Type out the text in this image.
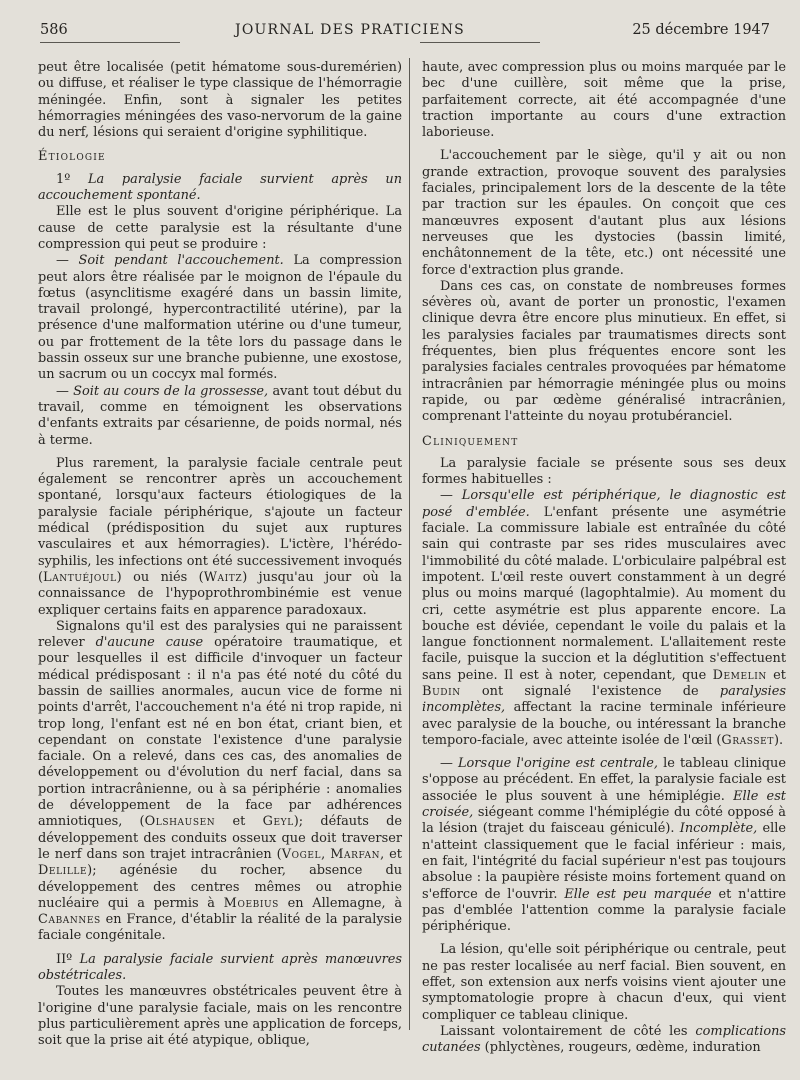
586	JOURNAL DES PRATICIENS	25 décembre 1947

peut être localisée (petit hématome sous-duremérien) ou diffuse, et réaliser le type classique de l'hémorragie méningée. Enfin, sont à signaler les petites hémorragies méningées des vaso-nervorum de la gaine du nerf, lésions qui seraient d'origine syphilitique.

Étiologie

1º La paralysie faciale survient après un accouchement spontané.

Elle est le plus souvent d'origine périphérique. La cause de cette paralysie est la résultante d'une compression qui peut se produire :

— Soit pendant l'accouchement. La compression peut alors être réalisée par le moignon de l'épaule du fœtus (asynclitisme exagéré dans un bassin limite, travail prolongé, hypercontractilité utérine), par la présence d'une malformation utérine ou d'une tumeur, ou par frottement de la tête lors du passage dans le bassin osseux sur une branche pubienne, une exostose, un sacrum ou un coccyx mal formés.

— Soit au cours de la grossesse, avant tout début du travail, comme en témoignent les observations d'enfants extraits par césarienne, de poids normal, nés à terme.

Plus rarement, la paralysie faciale centrale peut également se rencontrer après un accouchement spontané, lorsqu'aux facteurs étiologiques de la paralysie faciale périphérique, s'ajoute un facteur médical (prédisposition du sujet aux ruptures vasculaires et aux hémorragies). L'ictère, l'hérédo-syphilis, les infections ont été successivement invoqués (Lantuéjoul) ou niés (Waitz) jusqu'au jour où la connaissance de l'hypoprothrombinémie est venue expliquer certains faits en apparence paradoxaux.

Signalons qu'il est des paralysies qui ne paraissent relever d'aucune cause opératoire traumatique, et pour lesquelles il est difficile d'invoquer un facteur médical prédisposant : il n'a pas été noté du côté du bassin de saillies anormales, aucun vice de forme ni points d'arrêt, l'accouchement n'a été ni trop rapide, ni trop long, l'enfant est né en bon état, criant bien, et cependant on constate l'existence d'une paralysie faciale. On a relevé, dans ces cas, des anomalies de développement ou d'évolution du nerf facial, dans sa portion intracrânienne, ou à sa périphérie : anomalies de développement de la face par adhérences amniotiques, (Olshausen et Geyl); défauts de développement des conduits osseux que doit traverser le nerf dans son trajet intracrânien (Vogel, Marfan, et Delille); agénésie du rocher, absence du développement des centres mêmes ou atrophie nucléaire qui a permis à Moebius en Allemagne, à Cabannes en France, d'établir la réalité de la paralysie faciale congénitale.

IIº La paralysie faciale survient après manœuvres obstétricales.

Toutes les manœuvres obstétricales peuvent être à l'origine d'une paralysie faciale, mais on les rencontre plus particulièrement après une application de forceps, soit que la prise ait été atypique, oblique,

haute, avec compression plus ou moins marquée par le bec d'une cuillère, soit même que la prise, parfaitement correcte, ait été accompagnée d'une traction importante au cours d'une extraction laborieuse.

L'accouchement par le siège, qu'il y ait ou non grande extraction, provoque souvent des paralysies faciales, principalement lors de la descente de la tête par traction sur les épaules. On conçoit que ces manœuvres exposent d'autant plus aux lésions nerveuses que les dystocies (bassin limité, enchâtonnement de la tête, etc.) ont nécessité une force d'extraction plus grande.

Dans ces cas, on constate de nombreuses formes sévères où, avant de porter un pronostic, l'examen clinique devra être encore plus minutieux. En effet, si les paralysies faciales par traumatismes directs sont fréquentes, bien plus fréquentes encore sont les paralysies faciales centrales provoquées par hématome intracrânien par hémorragie méningée plus ou moins rapide, ou par œdème généralisé intracrânien, comprenant l'atteinte du noyau protubéranciel.

Cliniquement

La paralysie faciale se présente sous ses deux formes habituelles :

— Lorsqu'elle est périphérique, le diagnostic est posé d'emblée. L'enfant présente une asymétrie faciale. La commissure labiale est entraînée du côté sain qui contraste par ses rides musculaires avec l'immobilité du côté malade. L'orbiculaire palpébral est impotent. L'œil reste ouvert constamment à un degré plus ou moins marqué (lagophtalmie). Au moment du cri, cette asymétrie est plus apparente encore. La bouche est déviée, cependant le voile du palais et la langue fonctionnent normalement. L'allaitement reste facile, puisque la succion et la déglutition s'effectuent sans peine. Il est à noter, cependant, que Demelin et Budin ont signalé l'existence de paralysies incomplètes, affectant la racine terminale inférieure avec paralysie de la bouche, ou intéressant la branche temporo-faciale, avec atteinte isolée de l'œil (Grasset).

— Lorsque l'origine est centrale, le tableau clinique s'oppose au précédent. En effet, la paralysie faciale est associée le plus souvent à une hémiplégie. Elle est croisée, siégeant comme l'hémiplégie du côté opposé à la lésion (trajet du faisceau géniculé). Incomplète, elle n'atteint classiquement que le facial inférieur : mais, en fait, l'intégrité du facial supérieur n'est pas toujours absolue : la paupière résiste moins fortement quand on s'efforce de l'ouvrir. Elle est peu marquée et n'attire pas d'emblée l'attention comme la paralysie faciale périphérique.

La lésion, qu'elle soit périphérique ou centrale, peut ne pas rester localisée au nerf facial. Bien souvent, en effet, son extension aux nerfs voisins vient ajouter une symptomatologie propre à chacun d'eux, qui vient compliquer ce tableau clinique.

Laissant volontairement de côté les complications cutanées (phlyctènes, rougeurs, œdème, induration
